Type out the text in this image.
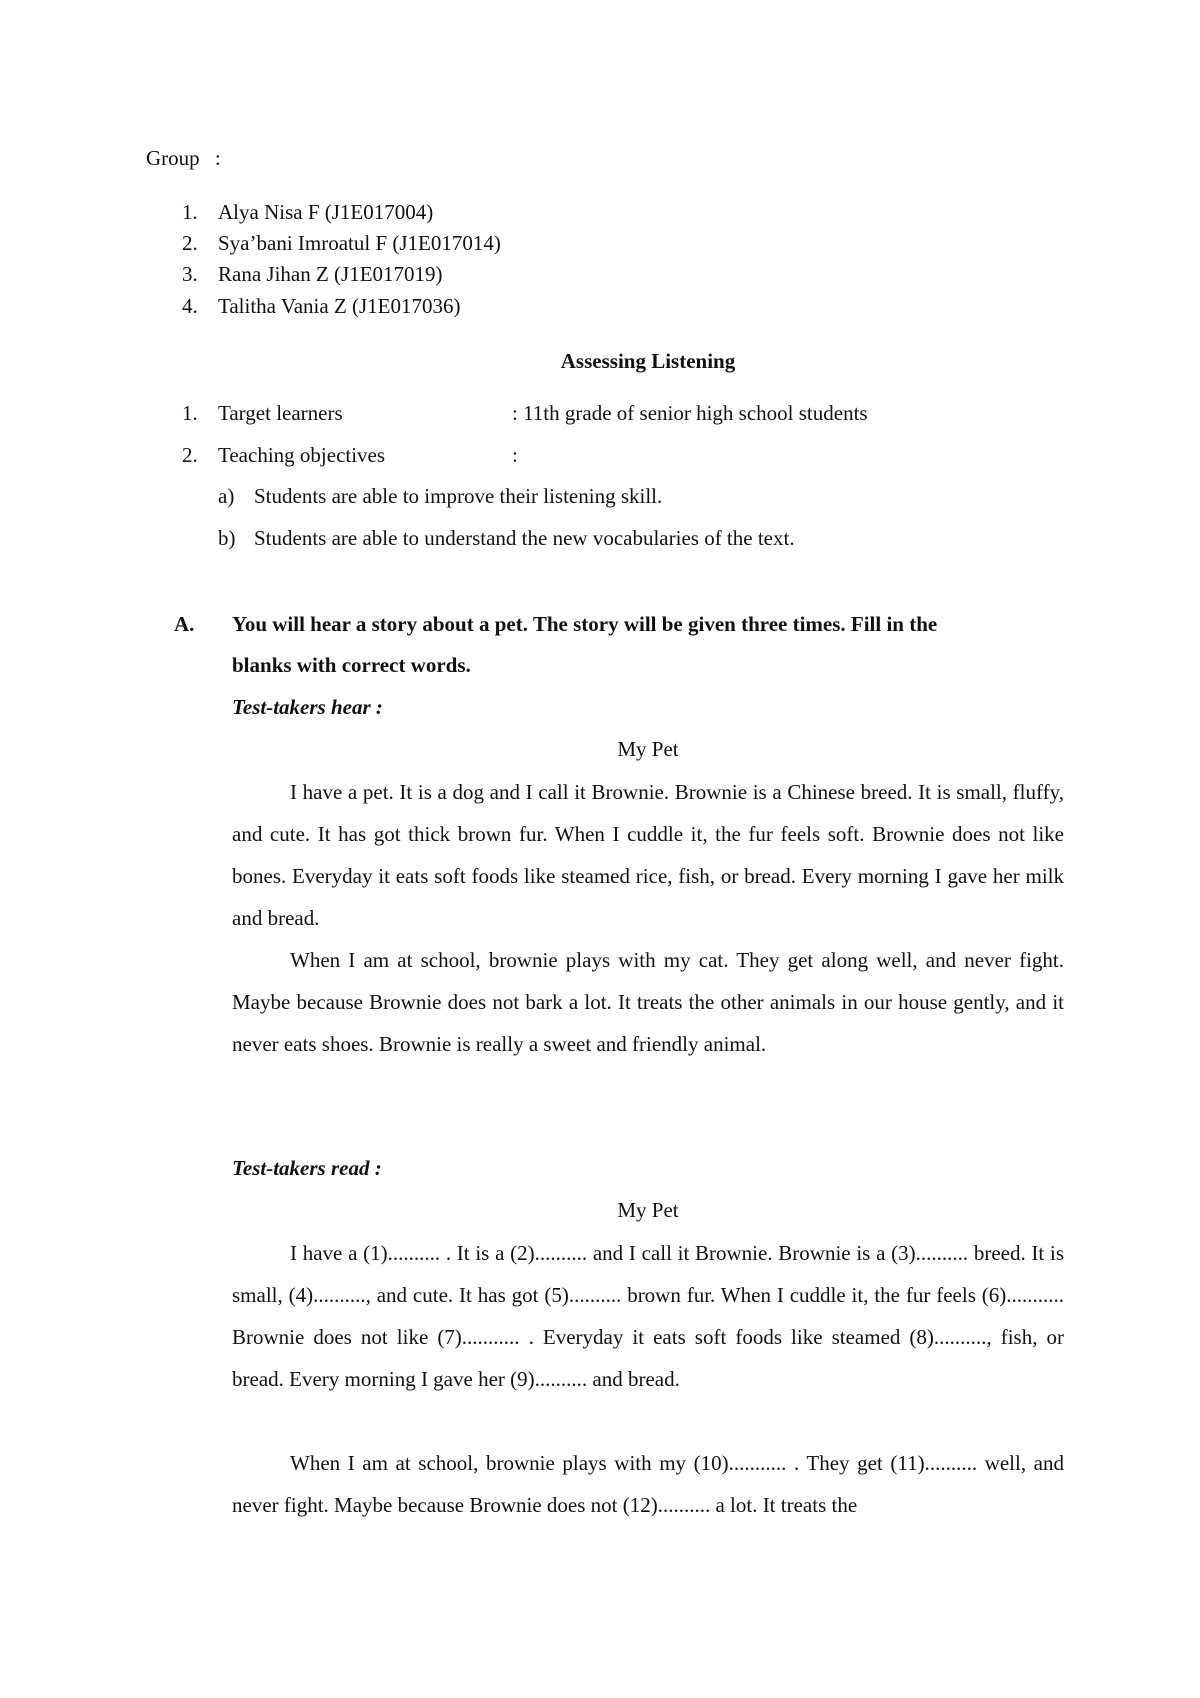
Group :
1. Alya Nisa F (J1E017004)
2. Sya’bani Imroatul F (J1E017014)
3. Rana Jihan Z (J1E017019)
4. Talitha Vania Z (J1E017036)
Assessing Listening
1. Target learners	: 11th grade of senior high school students
2. Teaching objectives	:
a) Students are able to improve their listening skill.
b) Students are able to understand the new vocabularies of the text.
A. You will hear a story about a pet. The story will be given three times. Fill in the
blanks with correct words.
Test-takers hear :
My Pet
I have a pet. It is a dog and I call it Brownie. Brownie is a Chinese breed. It is small, fluffy, and cute. It has got thick brown fur. When I cuddle it, the fur feels soft. Brownie does not like bones. Everyday it eats soft foods like steamed rice, fish, or bread. Every morning I gave her milk and bread.
When I am at school, brownie plays with my cat. They get along well, and never fight. Maybe because Brownie does not bark a lot. It treats the other animals in our house gently, and it never eats shoes. Brownie is really a sweet and friendly animal.
Test-takers read :
My Pet
I have a (1).......... . It is a (2).......... and I call it Brownie. Brownie is a (3).......... breed. It is small, (4).........., and cute. It has got (5).......... brown fur. When I cuddle it, the fur feels (6)........... Brownie does not like (7)........... . Everyday it eats soft foods like steamed (8).........., fish, or bread. Every morning I gave her (9).......... and bread.
When I am at school, brownie plays with my (10)........... . They get (11).......... well, and never fight. Maybe because Brownie does not (12).......... a lot. It treats the
